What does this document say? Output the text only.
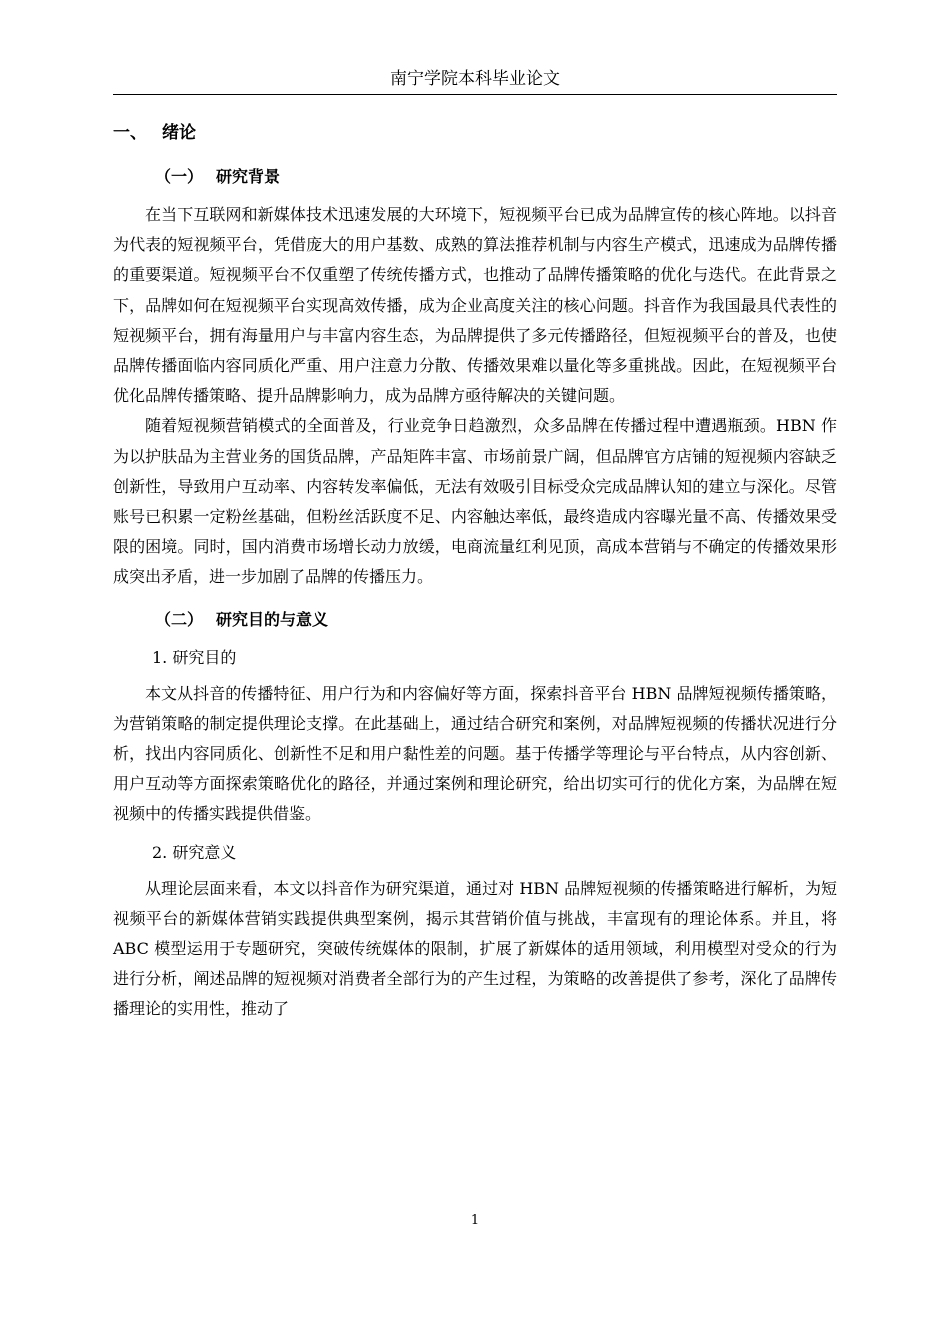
南宁学院本科毕业论文
一、 绪论
（一） 研究背景

在当下互联网和新媒体技术迅速发展的大环境下，短视频平台已成为品牌宣传的核心阵地。以抖音为代表的短视频平台，凭借庞大的用户基数、成熟的算法推荐机制与内容生产模式，迅速成为品牌传播的重要渠道。短视频平台不仅重塑了传统传播方式，也推动了品牌传播策略的优化与迭代。在此背景之下，品牌如何在短视频平台实现高效传播，成为企业高度关注的核心问题。抖音作为我国最具代表性的短视频平台，拥有海量用户与丰富内容生态，为品牌提供了多元传播路径，但短视频平台的普及，也使品牌传播面临内容同质化严重、用户注意力分散、传播效果难以量化等多重挑战。因此，在短视频平台优化品牌传播策略、提升品牌影响力，成为品牌方亟待解决的关键问题。

随着短视频营销模式的全面普及，行业竞争日趋激烈，众多品牌在传播过程中遭遇瓶颈。HBN 作为以护肤品为主营业务的国货品牌，产品矩阵丰富、市场前景广阔，但品牌官方店铺的短视频内容缺乏创新性，导致用户互动率、内容转发率偏低，无法有效吸引目标受众完成品牌认知的建立与深化。尽管账号已积累一定粉丝基础，但粉丝活跃度不足、内容触达率低，最终造成内容曝光量不高、传播效果受限的困境。同时，国内消费市场增长动力放缓，电商流量红利见顶，高成本营销与不确定的传播效果形成突出矛盾，进一步加剧了品牌的传播压力。

（二） 研究目的与意义
1. 研究目的

本文从抖音的传播特征、用户行为和内容偏好等方面，探索抖音平台 HBN 品牌短视频传播策略，为营销策略的制定提供理论支撑。在此基础上，通过结合研究和案例，对品牌短视频的传播状况进行分析，找出内容同质化、创新性不足和用户黏性差的问题。基于传播学等理论与平台特点，从内容创新、用户互动等方面探索策略优化的路径，并通过案例和理论研究，给出切实可行的优化方案，为品牌在短视频中的传播实践提供借鉴。

2. 研究意义

从理论层面来看，本文以抖音作为研究渠道，通过对 HBN 品牌短视频的传播策略进行解析，为短视频平台的新媒体营销实践提供典型案例，揭示其营销价值与挑战，丰富现有的理论体系。并且，将 ABC 模型运用于专题研究，突破传统媒体的限制，扩展了新媒体的适用领域，利用模型对受众的行为进行分析，阐述品牌的短视频对消费者全部行为的产生过程，为策略的改善提供了参考，深化了品牌传播理论的实用性，推动了

1
